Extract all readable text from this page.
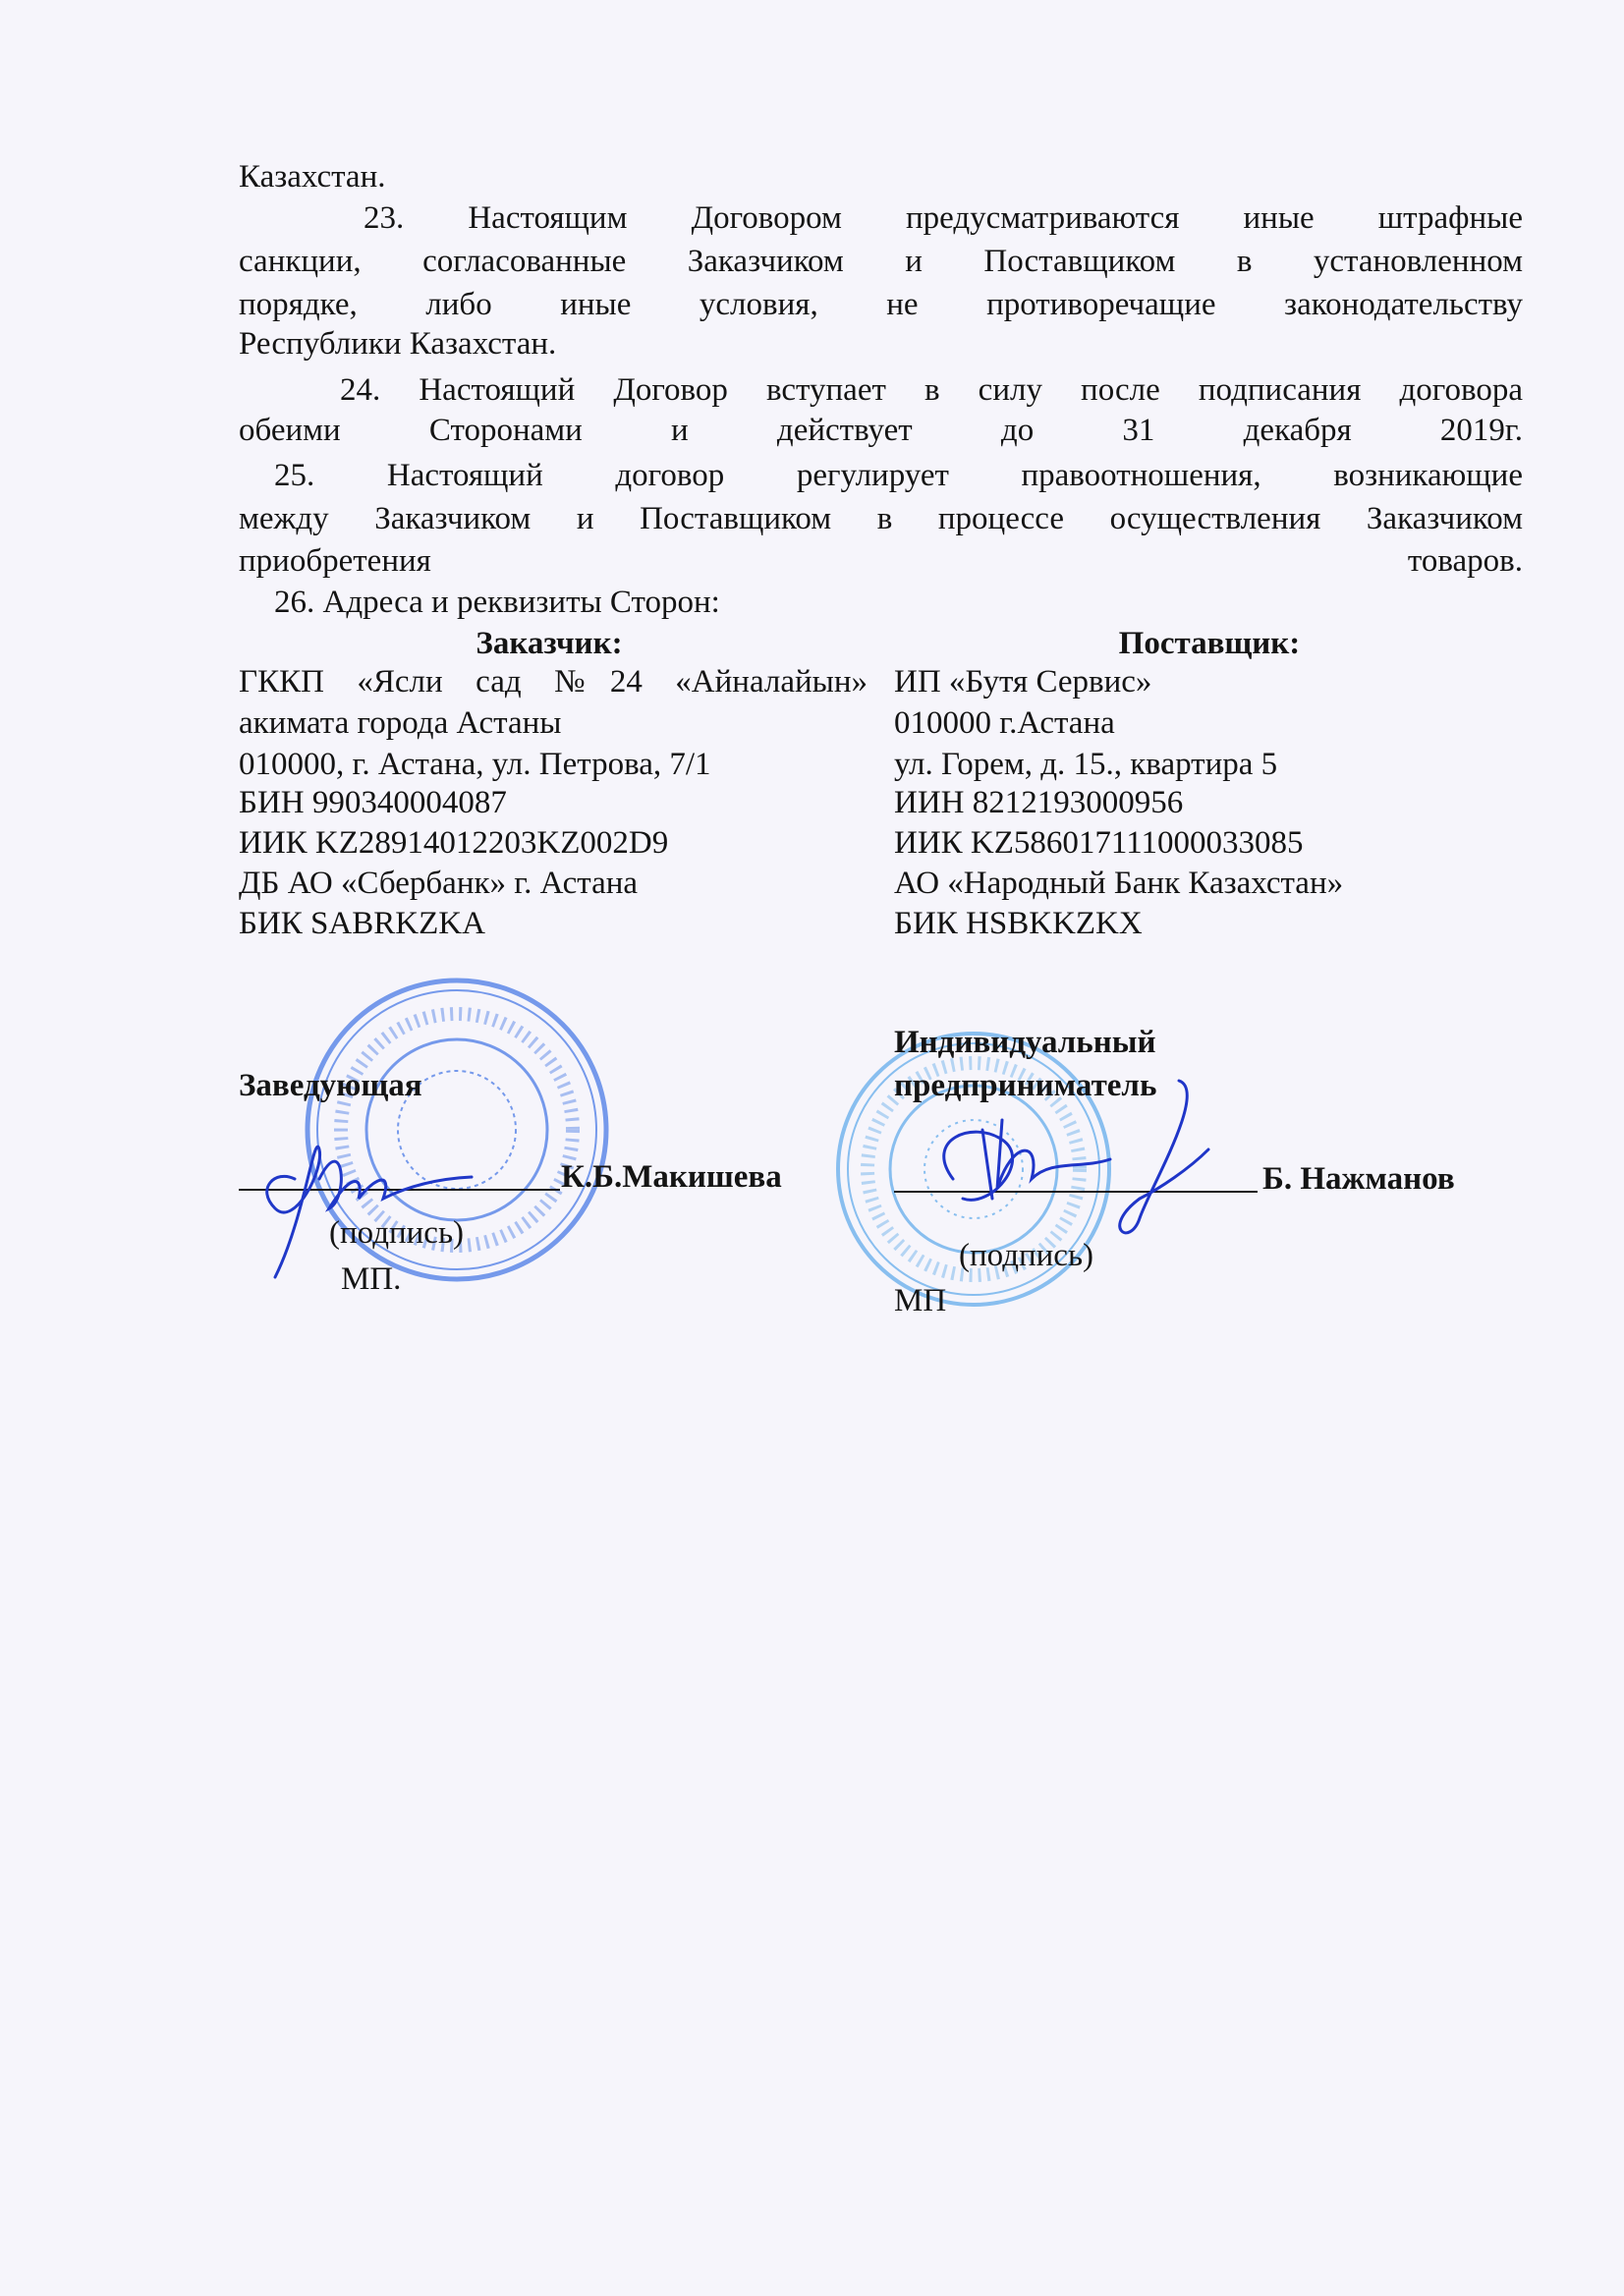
Казахстан.
23. Настоящим Договором предусматриваются иные штрафные
санкции, согласованные Заказчиком и Поставщиком в установленном
порядке, либо иные условия, не противоречащие законодательству
Республики Казахстан.
24. Настоящий Договор вступает в силу после подписания договора
обеими Сторонами и действует до 31 декабря 2019г.
25. Настоящий договор регулирует правоотношения, возникающие
между Заказчиком и Поставщиком в процессе осуществления Заказчиком
приобретения товаров.
26. Адреса и реквизиты Сторон:
Заказчик:
ГККП «Ясли сад №24 «Айналайын»
акимата города Астаны
010000, г. Астана, ул. Петрова, 7/1
БИН 990340004087
ИИК KZ28914012203KZ002D9
ДБ АО «Сбербанк» г. Астана
БИК SABRKZKA
Заведующая
К.Б.Макишева
(подпись)
МП.
Поставщик:
ИП «Бутя Сервис»
010000 г.Астана
ул. Горем, д. 15., квартира 5
ИИН 8212193000956
ИИК KZ586017111000033085
АО «Народный Банк Казахстан»
БИК HSBKKZKX
Индивидуальный
предприниматель
Б. Нажманов
(подпись)
МП
